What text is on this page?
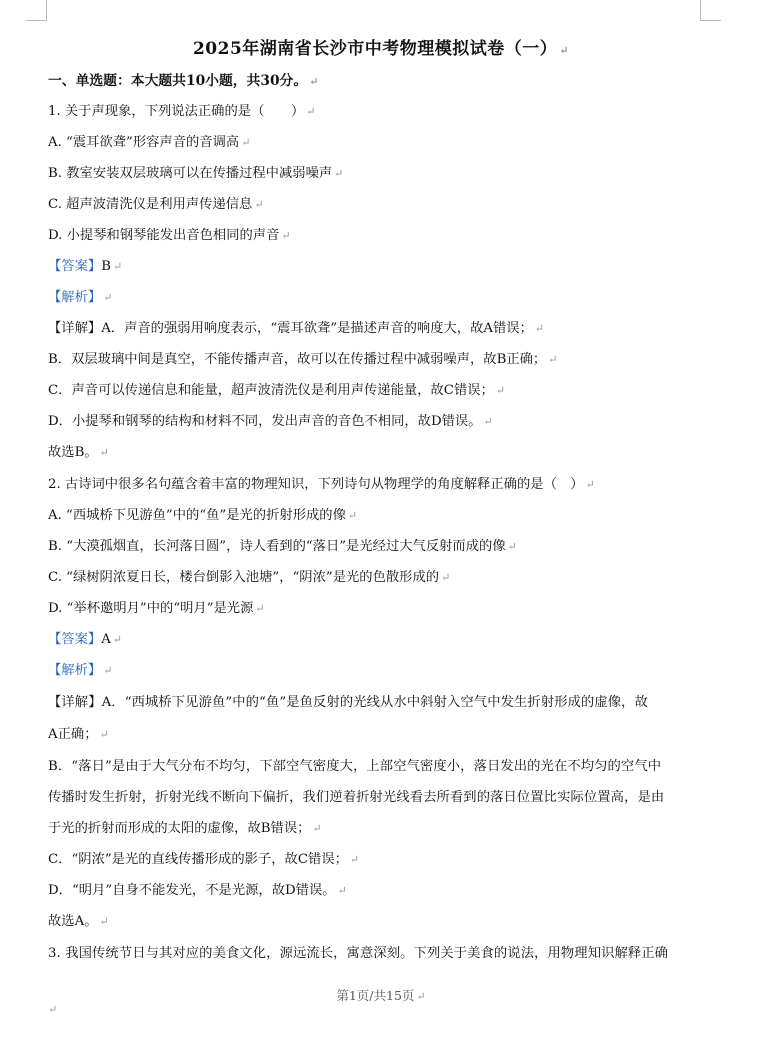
2025年湖南省长沙市中考物理模拟试卷（一） ↵
一、单选题：本大题共10小题，共30分。 ↵
1. 关于声现象，下列说法正确的是（　　） ↵
A. “震耳欲聋”形容声音的音调高 ↵
B. 教室安装双层玻璃可以在传播过程中减弱噪声 ↵
C. 超声波清洗仪是利用声传递信息 ↵
D. 小提琴和钢琴能发出音色相同的声音 ↵
【答案】B ↵
【解析】 ↵
【详解】A．声音的强弱用响度表示，“震耳欲聋”是描述声音的响度大，故A错误； ↵
B．双层玻璃中间是真空，不能传播声音，故可以在传播过程中减弱噪声，故B正确； ↵
C．声音可以传递信息和能量，超声波清洗仪是利用声传递能量，故C错误； ↵
D．小提琴和钢琴的结构和材料不同，发出声音的音色不相同，故D错误。 ↵
故选B。 ↵
2. 古诗词中很多名句蕴含着丰富的物理知识，下列诗句从物理学的角度解释正确的是（　） ↵
A. “西城桥下见游鱼”中的“鱼”是光的折射形成的像 ↵
B. “大漠孤烟直，长河落日圆”，诗人看到的“落日”是光经过大气反射而成的像 ↵
C. “绿树阴浓夏日长，楼台倒影入池塘”，“阴浓”是光的色散形成的 ↵
D. “举杯邀明月”中的“明月”是光源 ↵
【答案】A ↵
【解析】 ↵
【详解】A．“西城桥下见游鱼”中的“鱼”是鱼反射的光线从水中斜射入空气中发生折射形成的虚像，故
A正确； ↵
B．“落日”是由于大气分布不均匀，下部空气密度大，上部空气密度小，落日发出的光在不均匀的空气中
传播时发生折射，折射光线不断向下偏折，我们逆着折射光线看去所看到的落日位置比实际位置高，是由
于光的折射而形成的太阳的虚像，故B错误； ↵
C．“阴浓”是光的直线传播形成的影子，故C错误； ↵
D．“明月”自身不能发光，不是光源，故D错误。 ↵
故选A。 ↵
3. 我国传统节日与其对应的美食文化，源远流长，寓意深刻。下列关于美食的说法，用物理知识解释正确
第1页/共15页 ↵
↵
